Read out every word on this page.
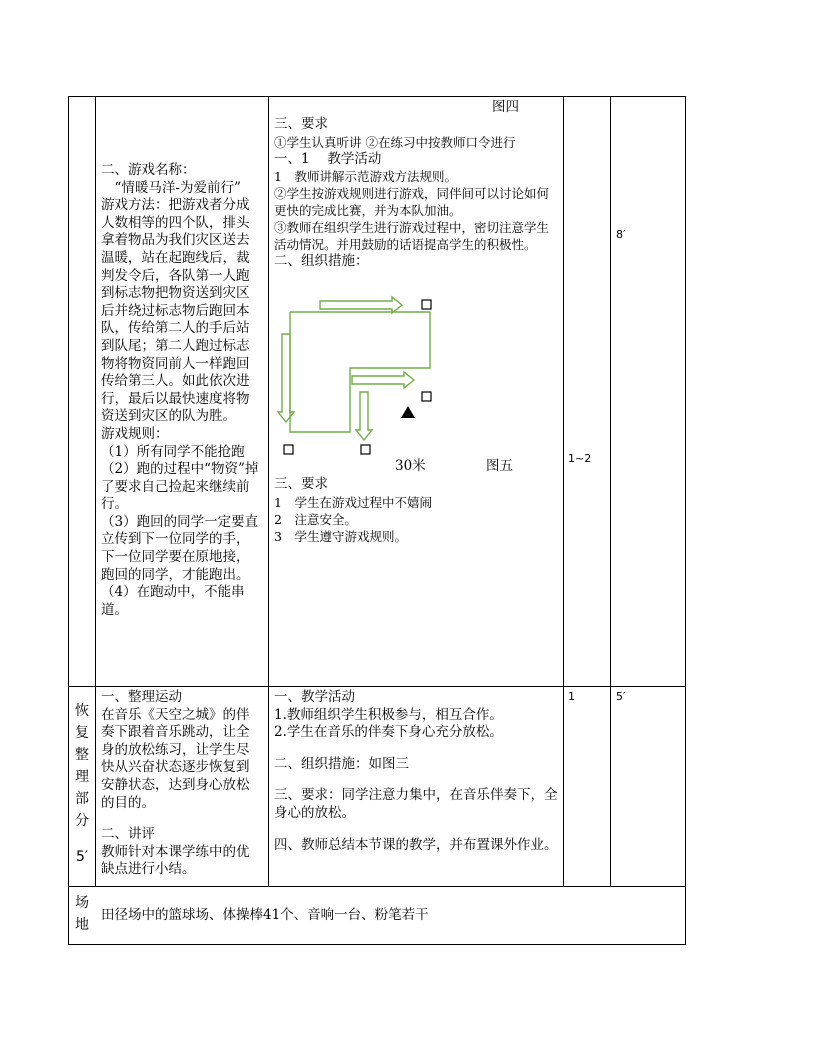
二、游戏名称：

　“情暖马洋-为爱前行”

游戏方法：把游戏者分成人数相等的四个队，排头拿着物品为我们灾区送去温暖，站在起跑线后，裁判发令后，各队第一人跑到标志物把物资送到灾区后并绕过标志物后跑回本队，传给第二人的手后站到队尾；第二人跑过标志物将物资同前人一样跑回传给第三人。如此依次进行，最后以最快速度将物资送到灾区的队为胜。

游戏规则：

（1）所有同学不能抢跑

（2）跑的过程中“物资”掉了要求自己捡起来继续前行。

（3）跑回的同学一定要直立传到下一位同学的手，下一位同学要在原地接，跑回的同学，才能跑出。

（4）在跑动中，不能串道。

图四

三、要求

①学生认真听讲 ②在练习中按教师口令进行

一、1　 教学活动

1　教师讲解示范游戏方法规则。

②学生按游戏规则进行游戏，同伴间可以讨论如何更快的完成比赛，并为本队加油。

③教师在组织学生进行游戏过程中，密切注意学生活动情况。并用鼓励的话语提高学生的积极性。

二、组织措施：

30米	图五

三、要求

1　学生在游戏过程中不嬉闹

2　注意安全。

3　学生遵守游戏规则。

1~2
8′

恢

复

整

理

部

分

5′

一、整理运动

在音乐《天空之城》的伴奏下跟着音乐跳动，让全身的放松练习，让学生尽快从兴奋状态逐步恢复到安静状态，达到身心放松的目的。

二、讲评

教师针对本课学练中的优缺点进行小结。

一、教学活动

1.教师组织学生积极参与，相互合作。

2.学生在音乐的伴奏下身心充分放松。

二、组织措施：如图三

三、要求：同学注意力集中，在音乐伴奏下，全身心的放松。

四、教师总结本节课的教学，并布置课外作业。

1	5′

场

地

田径场中的篮球场、体操棒41个、音响一台、粉笔若干
